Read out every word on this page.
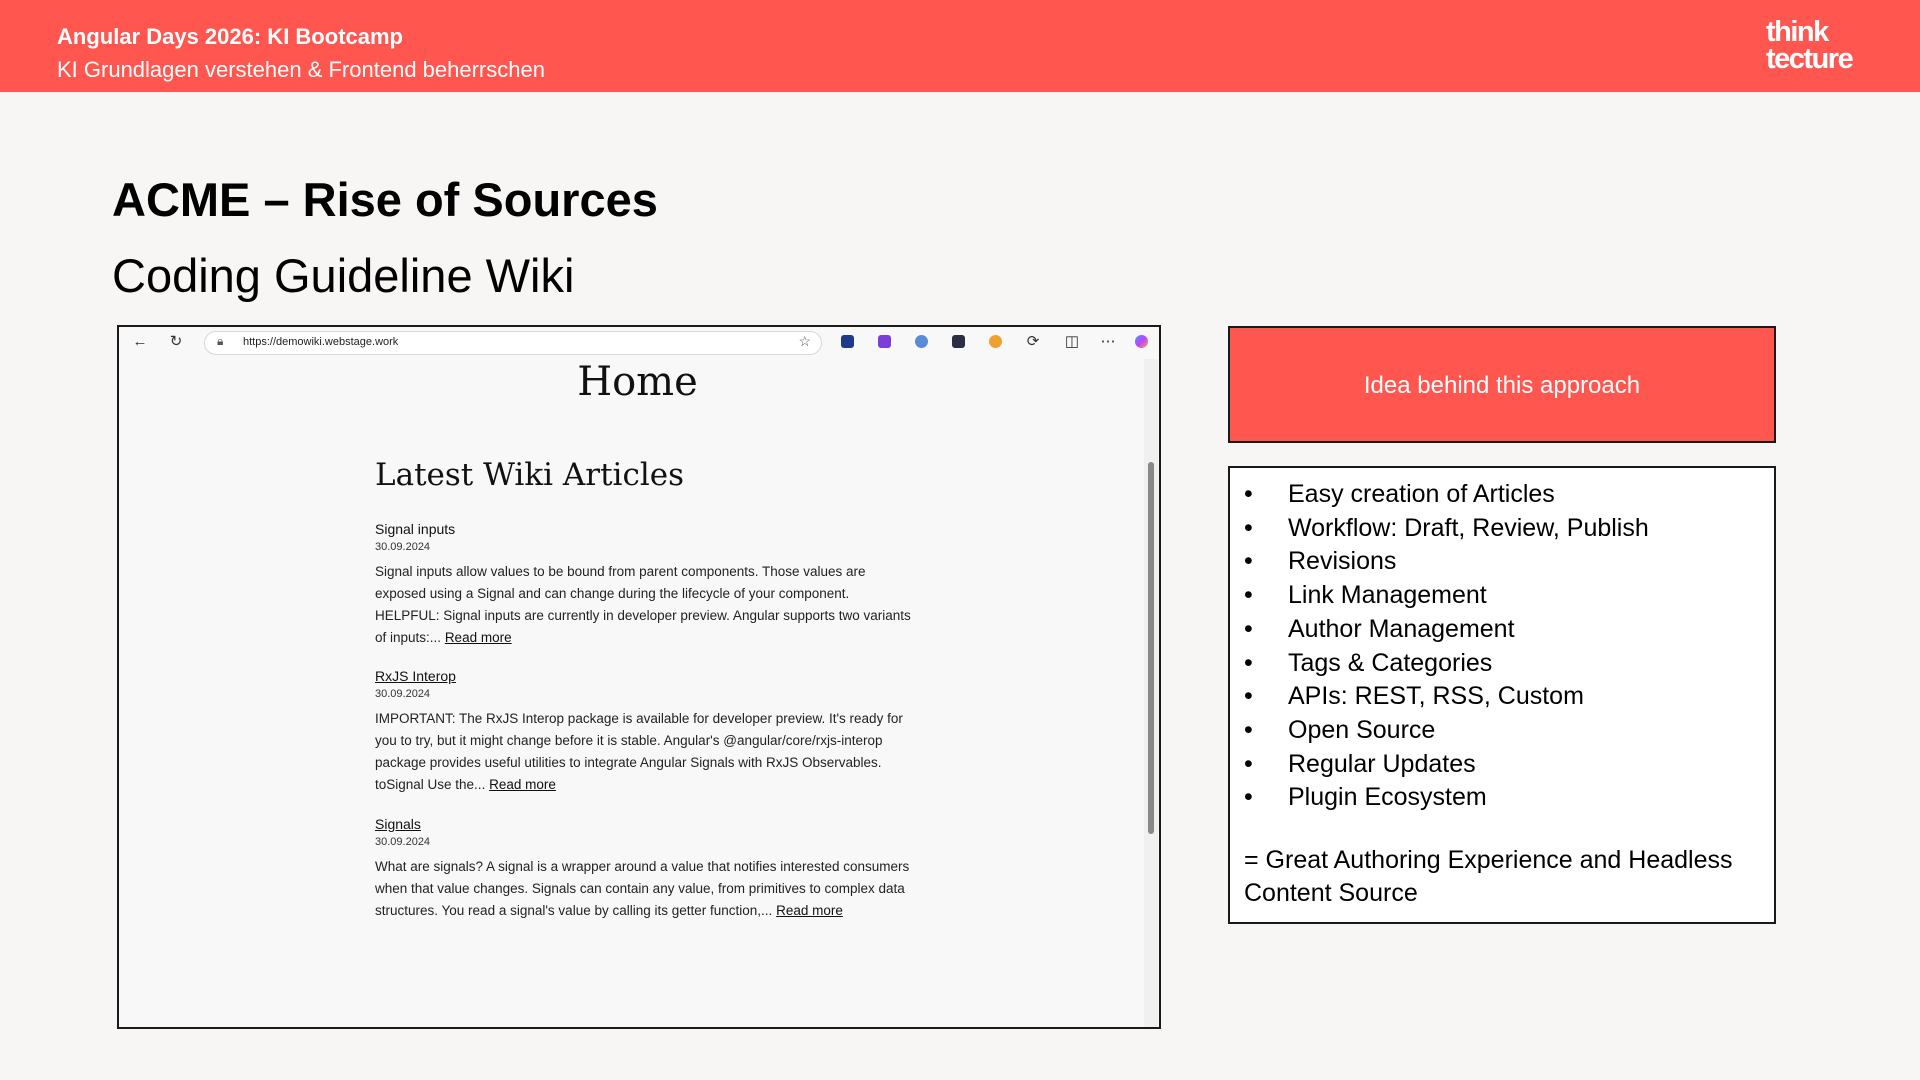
Angular Days 2026: KI Bootcamp
KI Grundlagen verstehen & Frontend beherrschen
think
tecture
ACME – Rise of Sources
Coding Guideline Wiki
← ↻	🔒︎ https://demowiki.webstage.work	☆	⟳ ◫ ⋯
Home
Latest Wiki Articles
Signal inputs
30.09.2024
Signal inputs allow values to be bound from parent components. Those values are exposed using a Signal and can change during the lifecycle of your component. HELPFUL: Signal inputs are currently in developer preview. Angular supports two variants of inputs:... Read more
RxJS Interop
30.09.2024
IMPORTANT: The RxJS Interop package is available for developer preview. It's ready for you to try, but it might change before it is stable. Angular's @angular/core/rxjs-interop package provides useful utilities to integrate Angular Signals with RxJS Observables. toSignal Use the... Read more
Signals
30.09.2024
What are signals? A signal is a wrapper around a value that notifies interested consumers when that value changes. Signals can contain any value, from primitives to complex data structures. You read a signal's value by calling its getter function,... Read more
Idea behind this approach
• Easy creation of Articles
• Workflow: Draft, Review, Publish
• Revisions
• Link Management
• Author Management
• Tags & Categories
• APIs: REST, RSS, Custom
• Open Source
• Regular Updates
• Plugin Ecosystem
= Great Authoring Experience and Headless Content Source
